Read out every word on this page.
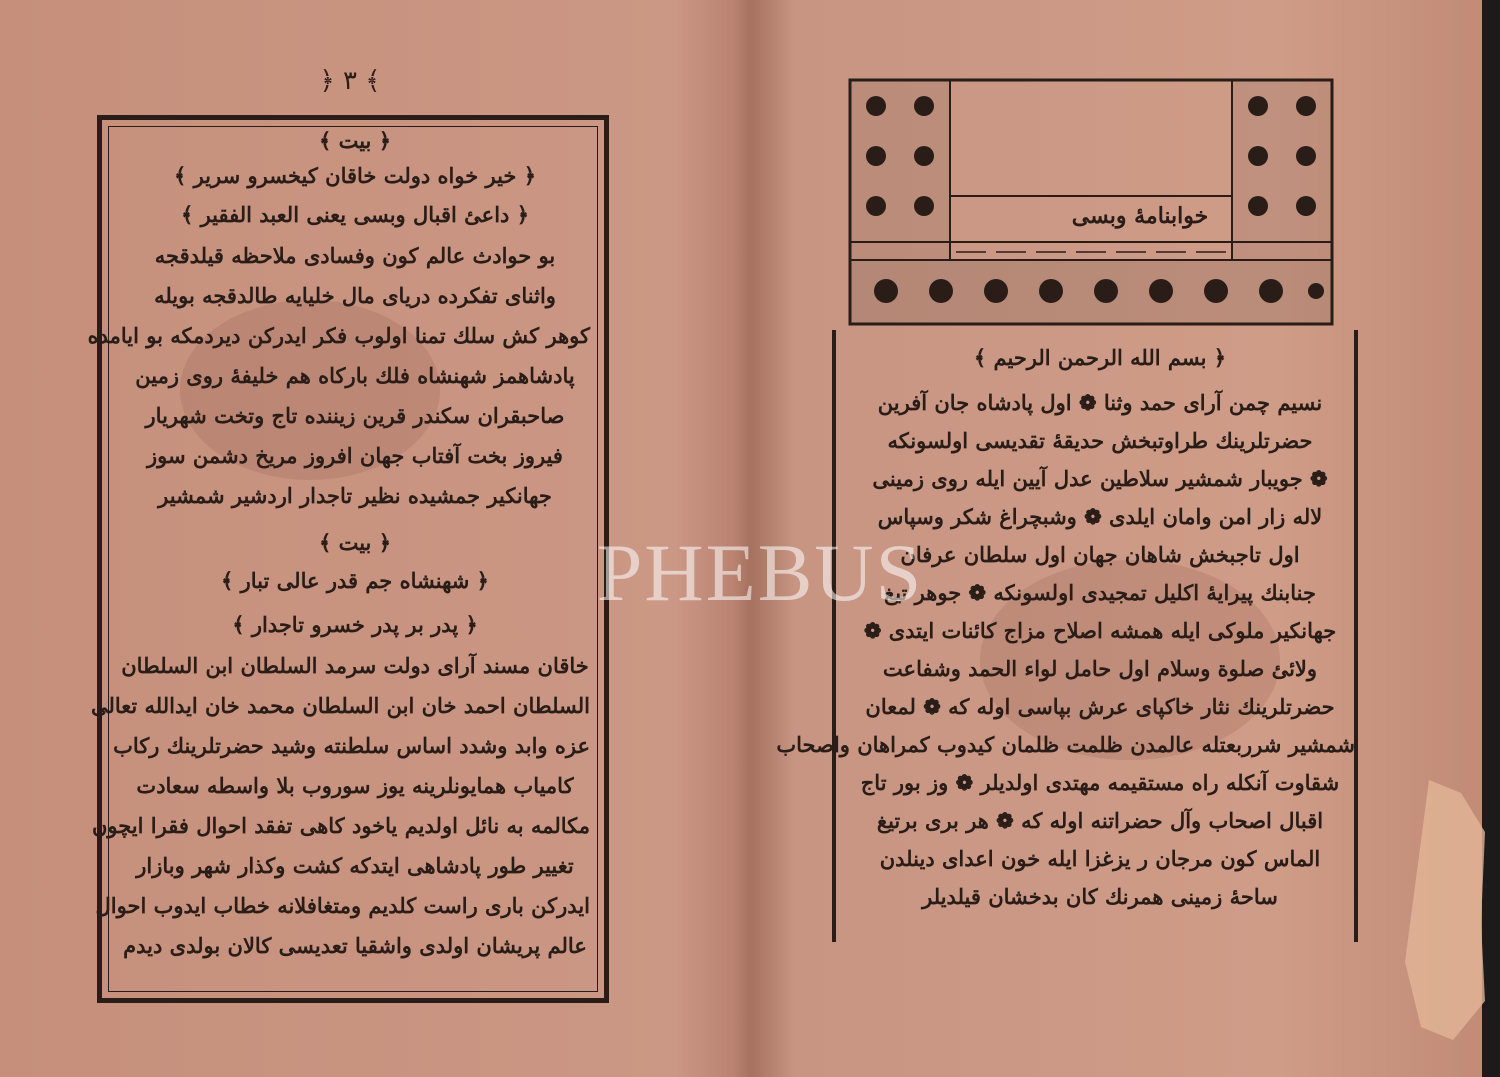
﴿ ٣ ﴾
﴿ بيت ﴾
﴿ خير خواه دولت خاقان كيخسرو سرير ﴾
﴿ داعئ اقبال وبسى يعنى العبد الفقير ﴾
بو حوادث عالم كون وفسادى ملاحظه قيلدقجه
واثناى تفكرده درياى مال خليايه طالدقجه بويله
كوهر كش سلك تمنا اولوب فكر ايدركن ديردمكه بو ايامده
پادشاهمز شهنشاه فلك باركاه هم خليفهٔ روى زمين
صاحبقران سكندر قرين زيننده تاج وتخت شهريار
فيروز بخت آفتاب جهان افروز مريخ دشمن سوز
جهانكير جمشيده نظير تاجدار اردشير شمشير
﴿ بيت ﴾
﴿ شهنشاه جم قدر عالى تبار ﴾
﴿ پدر بر پدر خسرو تاجدار ﴾
خاقان مسند آراى دولت سرمد السلطان ابن السلطان
السلطان احمد خان ابن السلطان محمد خان ايدالله تعالى
عزه وابد وشدد اساس سلطنته وشيد حضرتلرينك ركاب
كامياب همايونلرينه يوز سوروب بلا واسطه سعادت
مكالمه به نائل اولديم ياخود كاهى تفقد احوال فقرا ايچون
تغيير طور پادشاهى ايتدكه كشت وكذار شهر وبازار
ايدركن بارى راست كلديم ومتغافلانه خطاب ايدوب احوال
عالم پريشان اولدى واشقيا تعديسى كالان بولدى ديدم
خوابنامهٔ وبسى
﴿ بسم الله الرحمن الرحيم ﴾
نسيم چمن آراى حمد وثنا ❁ اول پادشاه جان آفرين
حضرتلرينك طراوتبخش حديقهٔ تقديسى اولسونكه
❁ جويبار شمشير سلاطين عدل آيين ايله روى زمينى
لاله زار امن وامان ايلدى ❁ وشبچراغ شكر وسپاس
اول تاجبخش شاهان جهان اول سلطان عرفان
جنابنك پيرايهٔ اكليل تمجيدى اولسونكه ❁ جوهر تيغ
جهانكير ملوكى ايله همشه اصلاح مزاج كائنات ايتدى ❁
ولائئ صلوة وسلام اول حامل لواء الحمد وشفاعت
حضرتلرينك نثار خاكپاى عرش بپاسى اوله كه ❁ لمعان
شمشير شرربعتله عالمدن ظلمت ظلمان كيدوب كمراهان واصحاب
شقاوت آنكله راه مستقيمه مهتدى اولديلر ❁ وز بور تاج
اقبال اصحاب وآل حضراتنه اوله كه ❁ هر برى برتيغ
الماس كون مرجان ر يزغزا ايله خون اعداى دينلدن
ساحهٔ زمينى همرنك كان بدخشان قيلديلر
PHEBUS
